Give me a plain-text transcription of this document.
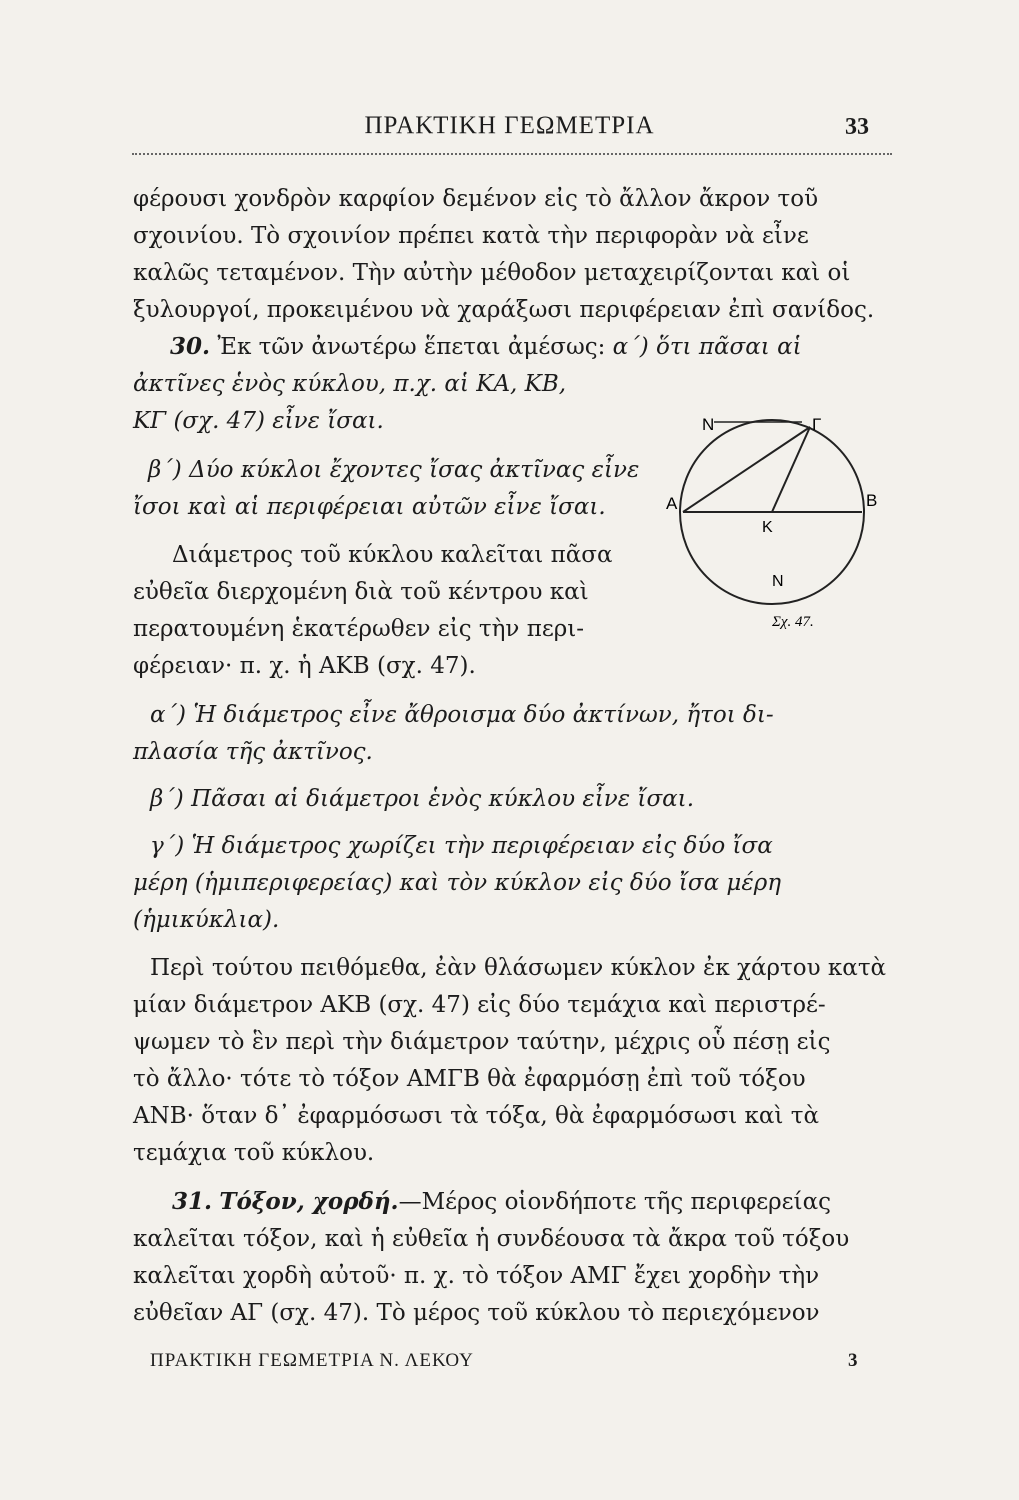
ΠΡΑΚΤΙΚΗ ΓΕΩΜΕΤΡΙΑ	33
φέρουσι χονδρὸν καρφίον δεμένον εἰς τὸ ἄλλον ἄκρον τοῦ
σχοινίου. Τὸ σχοινίον πρέπει κατὰ τὴν περιφορὰν νὰ εἶνε
καλῶς τεταμένον. Τὴν αὐτὴν μέθοδον μεταχειρίζονται καὶ οἱ
ξυλουργοί, προκειμένου νὰ χαράξωσι περιφέρειαν ἐπὶ σανίδος.
30. Ἐκ τῶν ἀνωτέρω ἕπεται ἀμέσως: α΄) ὅτι πᾶσαι αἱ
ἀκτῖνες ἑνὸς κύκλου, π.χ. αἱ ΚΑ, ΚΒ,
ΚΓ (σχ. 47) εἶνε ἴσαι.
β΄) Δύο κύκλοι ἔχοντες ἴσας ἀκτῖνας εἶνε
ἴσοι καὶ αἱ περιφέρειαι αὐτῶν εἶνε ἴσαι.
Διάμετρος τοῦ κύκλου καλεῖται πᾶσα
εὐθεῖα διερχομένη διὰ τοῦ κέντρου καὶ
περατουμένη ἑκατέρωθεν εἰς τὴν περι-
φέρειαν· π. χ. ἡ ΑΚΒ (σχ. 47).
α΄) Ἡ διάμετρος εἶνε ἄθροισμα δύο ἀκτίνων, ἤτοι δι-
πλασία τῆς ἀκτῖνος.
β΄) Πᾶσαι αἱ διάμετροι ἑνὸς κύκλου εἶνε ἴσαι.
γ΄) Ἡ διάμετρος χωρίζει τὴν περιφέρειαν εἰς δύο ἴσα
μέρη (ἡμιπεριφερείας) καὶ τὸν κύκλον εἰς δύο ἴσα μέρη
(ἡμικύκλια).
Περὶ τούτου πειθόμεθα, ἐὰν θλάσωμεν κύκλον ἐκ χάρτου κατὰ
μίαν διάμετρον ΑΚΒ (σχ. 47) εἰς δύο τεμάχια καὶ περιστρέ-
ψωμεν τὸ ἓν περὶ τὴν διάμετρον ταύτην, μέχρις οὗ πέσῃ εἰς
τὸ ἄλλο· τότε τὸ τόξον ΑΜΓΒ θὰ ἐφαρμόσῃ ἐπὶ τοῦ τόξου
ΑΝΒ· ὅταν δ᾽ ἐφαρμόσωσι τὰ τόξα, θὰ ἐφαρμόσωσι καὶ τὰ
τεμάχια τοῦ κύκλου.
31. Τόξον, χορδή.—Μέρος οἱονδήποτε τῆς περιφερείας
καλεῖται τόξον, καὶ ἡ εὐθεῖα ἡ συνδέουσα τὰ ἄκρα τοῦ τόξου
καλεῖται χορδὴ αὐτοῦ· π. χ. τὸ τόξον ΑΜΓ ἔχει χορδὴν τὴν
εὐθεῖαν ΑΓ (σχ. 47). Τὸ μέρος τοῦ κύκλου τὸ περιεχόμενον
Ν	Γ
Α	Β
Κ
Ν
Σχ. 47.
ΠΡΑΚΤΙΚΗ ΓΕΩΜΕΤΡΙΑ Ν. ΛΕΚΟΥ	3
